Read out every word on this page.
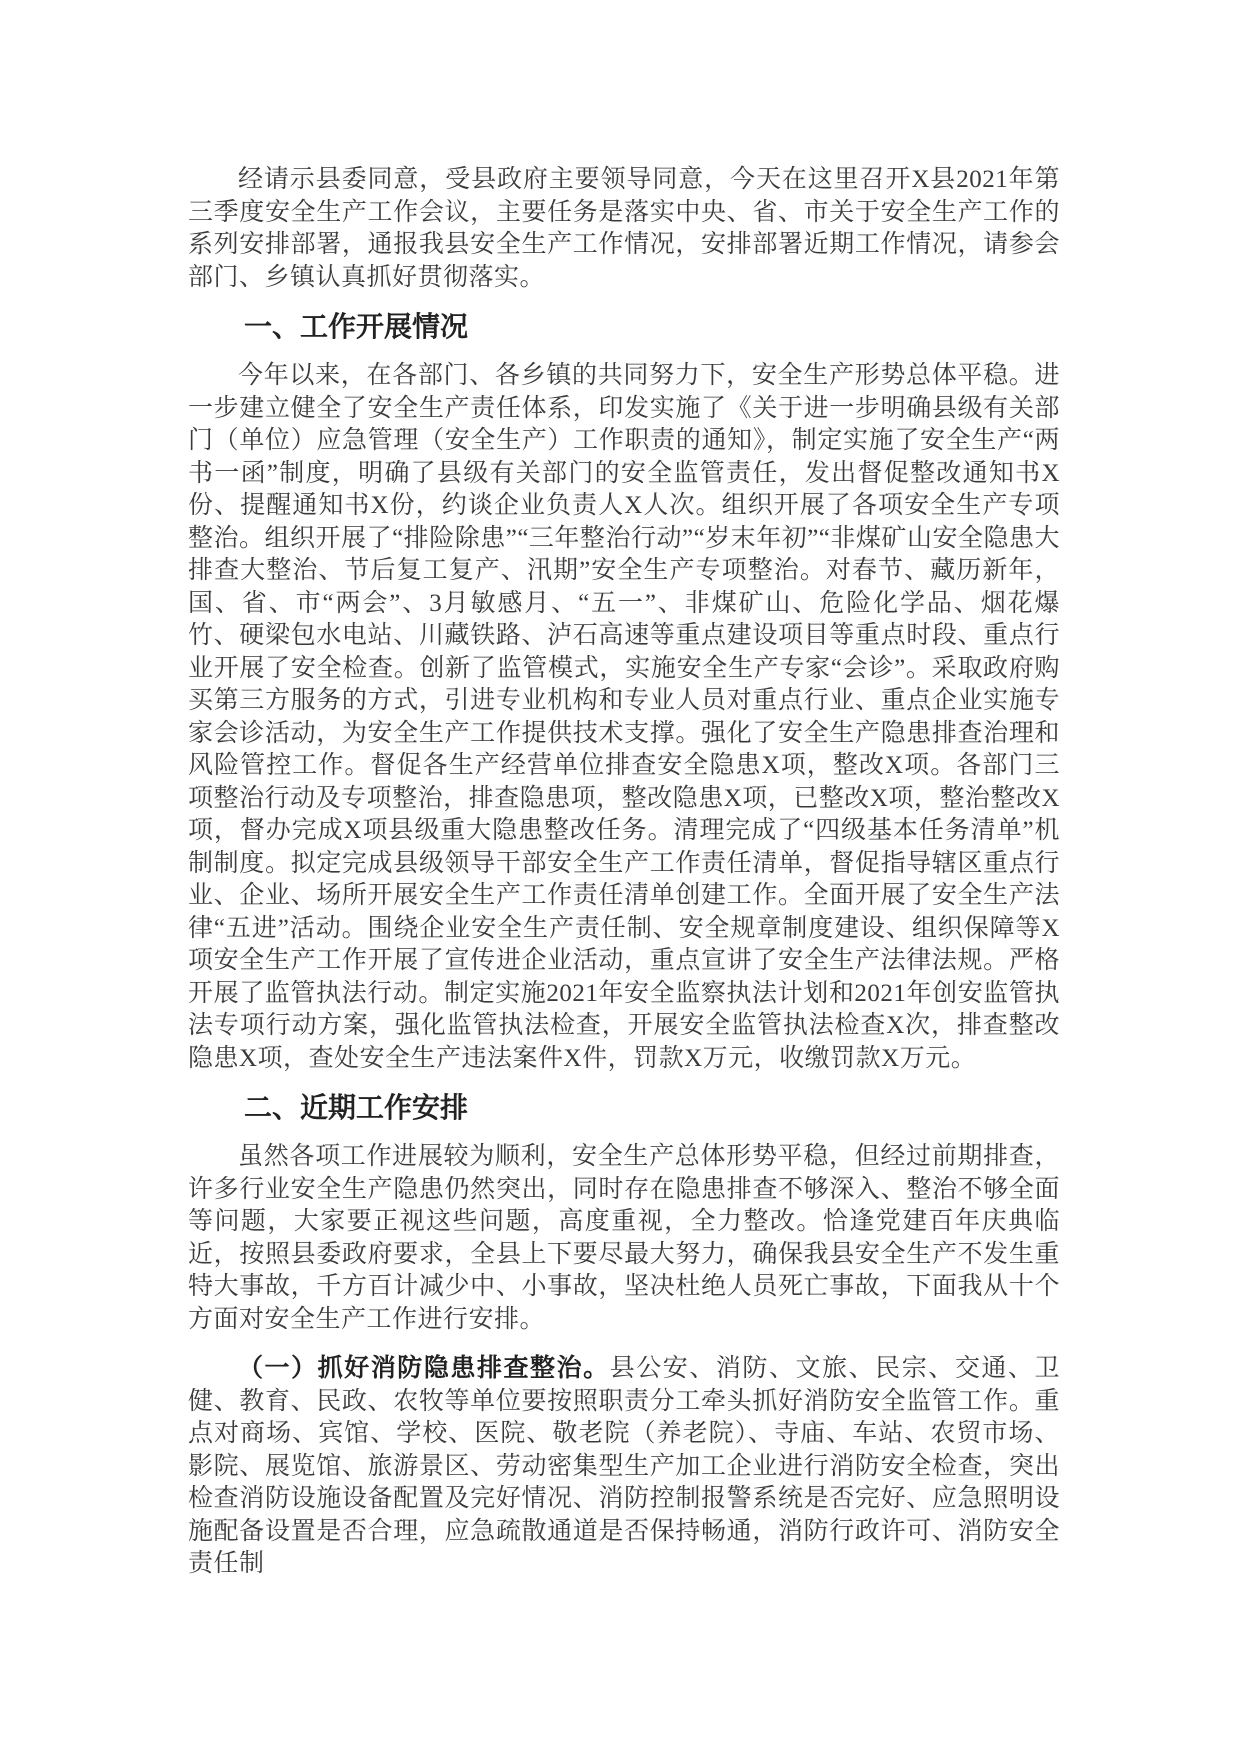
经请示县委同意，受县政府主要领导同意，今天在这里召开X县2021年第三季度安全生产工作会议，主要任务是落实中央、省、市关于安全生产工作的系列安排部署，通报我县安全生产工作情况，安排部署近期工作情况，请参会部门、乡镇认真抓好贯彻落实。

一、工作开展情况

今年以来，在各部门、各乡镇的共同努力下，安全生产形势总体平稳。进一步建立健全了安全生产责任体系，印发实施了《关于进一步明确县级有关部门（单位）应急管理（安全生产）工作职责的通知》，制定实施了安全生产“两书一函”制度，明确了县级有关部门的安全监管责任，发出督促整改通知书X份、提醒通知书X份，约谈企业负责人X人次。组织开展了各项安全生产专项整治。组织开展了“排险除患”“三年整治行动”“岁末年初”“非煤矿山安全隐患大排查大整治、节后复工复产、汛期”安全生产专项整治。对春节、藏历新年，国、省、市“两会”、3月敏感月、“五一”、非煤矿山、危险化学品、烟花爆竹、硬梁包水电站、川藏铁路、泸石高速等重点建设项目等重点时段、重点行业开展了安全检查。创新了监管模式，实施安全生产专家“会诊”。采取政府购买第三方服务的方式，引进专业机构和专业人员对重点行业、重点企业实施专家会诊活动，为安全生产工作提供技术支撑。强化了安全生产隐患排查治理和风险管控工作。督促各生产经营单位排查安全隐患X项，整改X项。各部门三项整治行动及专项整治，排查隐患项，整改隐患X项，已整改X项，整治整改X项，督办完成X项县级重大隐患整改任务。清理完成了“四级基本任务清单”机制制度。拟定完成县级领导干部安全生产工作责任清单，督促指导辖区重点行业、企业、场所开展安全生产工作责任清单创建工作。全面开展了安全生产法律“五进”活动。围绕企业安全生产责任制、安全规章制度建设、组织保障等X项安全生产工作开展了宣传进企业活动，重点宣讲了安全生产法律法规。严格开展了监管执法行动。制定实施2021年安全监察执法计划和2021年创安监管执法专项行动方案，强化监管执法检查，开展安全监管执法检查X次，排查整改隐患X项，查处安全生产违法案件X件，罚款X万元，收缴罚款X万元。

二、近期工作安排

虽然各项工作进展较为顺利，安全生产总体形势平稳，但经过前期排查，许多行业安全生产隐患仍然突出，同时存在隐患排查不够深入、整治不够全面等问题，大家要正视这些问题，高度重视，全力整改。恰逢党建百年庆典临近，按照县委政府要求，全县上下要尽最大努力，确保我县安全生产不发生重特大事故，千方百计减少中、小事故，坚决杜绝人员死亡事故，下面我从十个方面对安全生产工作进行安排。

（一）抓好消防隐患排查整治。县公安、消防、文旅、民宗、交通、卫健、教育、民政、农牧等单位要按照职责分工牵头抓好消防安全监管工作。重点对商场、宾馆、学校、医院、敬老院（养老院）、寺庙、车站、农贸市场、影院、展览馆、旅游景区、劳动密集型生产加工企业进行消防安全检查，突出检查消防设施设备配置及完好情况、消防控制报警系统是否完好、应急照明设施配备设置是否合理，应急疏散通道是否保持畅通，消防行政许可、消防安全责任制
